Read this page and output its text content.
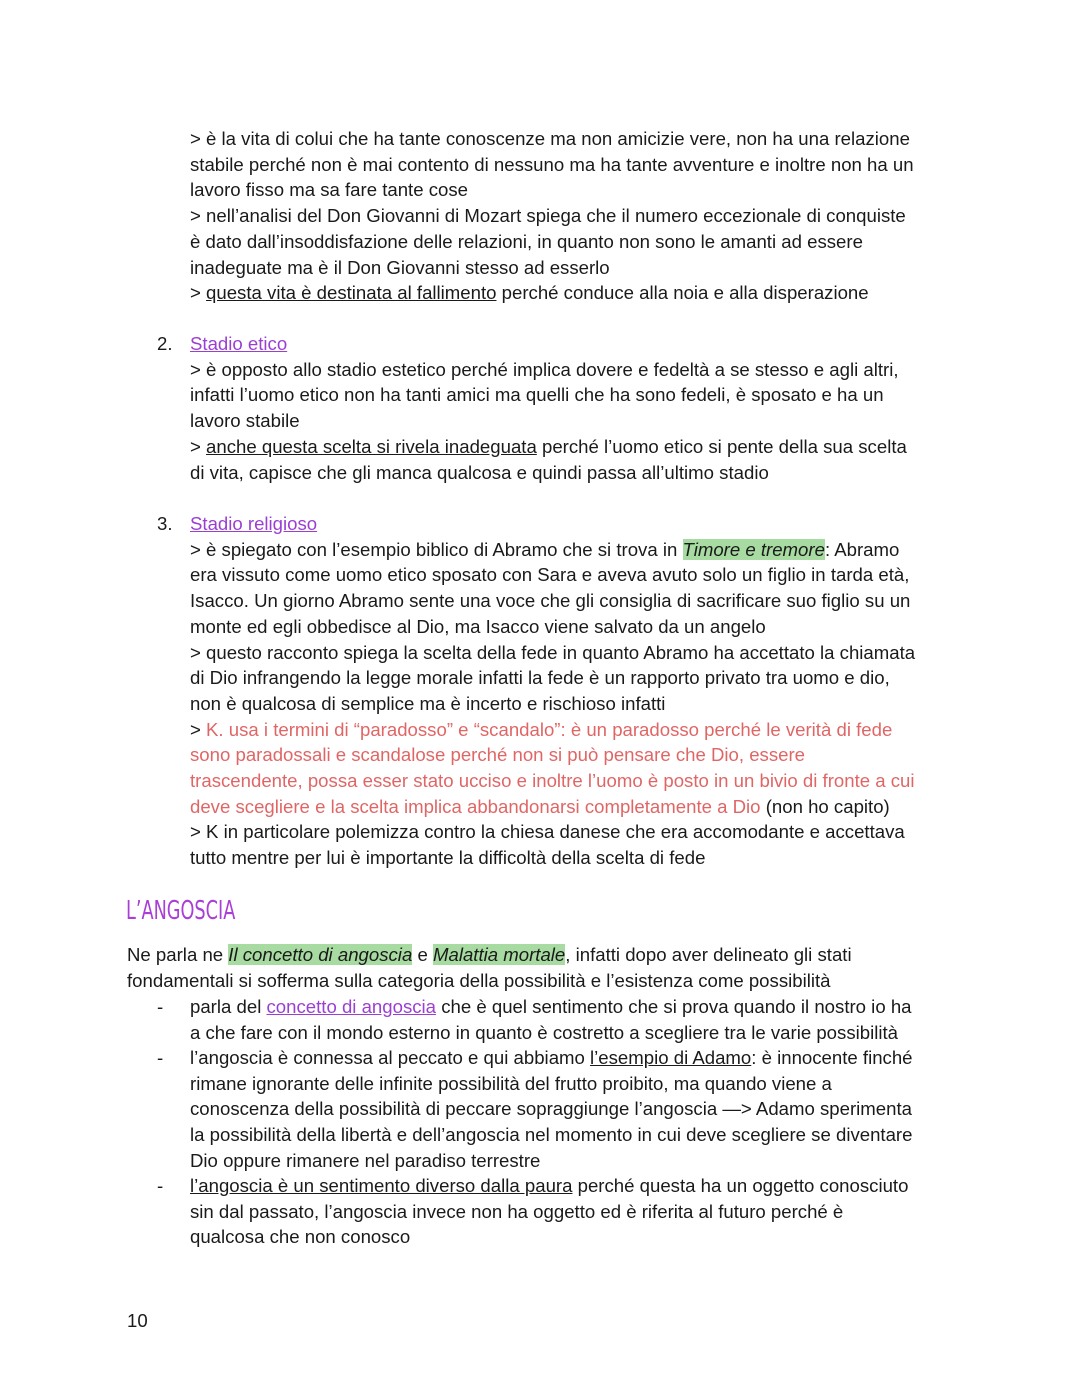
> è la vita di colui che ha tante conoscenze ma non amicizie vere, non ha una relazione
stabile perché non è mai contento di nessuno ma ha tante avventure e inoltre non ha un
lavoro fisso ma sa fare tante cose
> nell’analisi del Don Giovanni di Mozart spiega che il numero eccezionale di conquiste
è dato dall’insoddisfazione delle relazioni, in quanto non sono le amanti ad essere
inadeguate ma è il Don Giovanni stesso ad esserlo
> questa vita è destinata al fallimento perché conduce alla noia e alla disperazione
2. Stadio etico
> è opposto allo stadio estetico perché implica dovere e fedeltà a se stesso e agli altri,
infatti l’uomo etico non ha tanti amici ma quelli che ha sono fedeli, è sposato e ha un
lavoro stabile
> anche questa scelta si rivela inadeguata perché l’uomo etico si pente della sua scelta
di vita, capisce che gli manca qualcosa e quindi passa all’ultimo stadio
3. Stadio religioso
> è spiegato con l’esempio biblico di Abramo che si trova in Timore e tremore: Abramo
era vissuto come uomo etico sposato con Sara e aveva avuto solo un figlio in tarda età,
Isacco. Un giorno Abramo sente una voce che gli consiglia di sacrificare suo figlio su un
monte ed egli obbedisce al Dio, ma Isacco viene salvato da un angelo
> questo racconto spiega la scelta della fede in quanto Abramo ha accettato la chiamata
di Dio infrangendo la legge morale infatti la fede è un rapporto privato tra uomo e dio,
non è qualcosa di semplice ma è incerto e rischioso infatti
> K. usa i termini di “paradosso” e “scandalo”: è un paradosso perché le verità di fede
sono paradossali e scandalose perché non si può pensare che Dio, essere
trascendente, possa esser stato ucciso e inoltre l’uomo è posto in un bivio di fronte a cui
deve scegliere e la scelta implica abbandonarsi completamente a Dio (non ho capito)
> K in particolare polemizza contro la chiesa danese che era accomodante e accettava
tutto mentre per lui è importante la difficoltà della scelta di fede
L’ANGOSCIA
Ne parla ne Il concetto di angoscia e Malattia mortale, infatti dopo aver delineato gli stati
fondamentali si sofferma sulla categoria della possibilità e l’esistenza come possibilità
- parla del concetto di angoscia che è quel sentimento che si prova quando il nostro io ha
a che fare con il mondo esterno in quanto è costretto a scegliere tra le varie possibilità
- l’angoscia è connessa al peccato e qui abbiamo l’esempio di Adamo: è innocente finché
rimane ignorante delle infinite possibilità del frutto proibito, ma quando viene a
conoscenza della possibilità di peccare sopraggiunge l’angoscia —> Adamo sperimenta
la possibilità della libertà e dell’angoscia nel momento in cui deve scegliere se diventare
Dio oppure rimanere nel paradiso terrestre
- l’angoscia è un sentimento diverso dalla paura perché questa ha un oggetto conosciuto
sin dal passato, l’angoscia invece non ha oggetto ed è riferita al futuro perché è
qualcosa che non conosco
10
